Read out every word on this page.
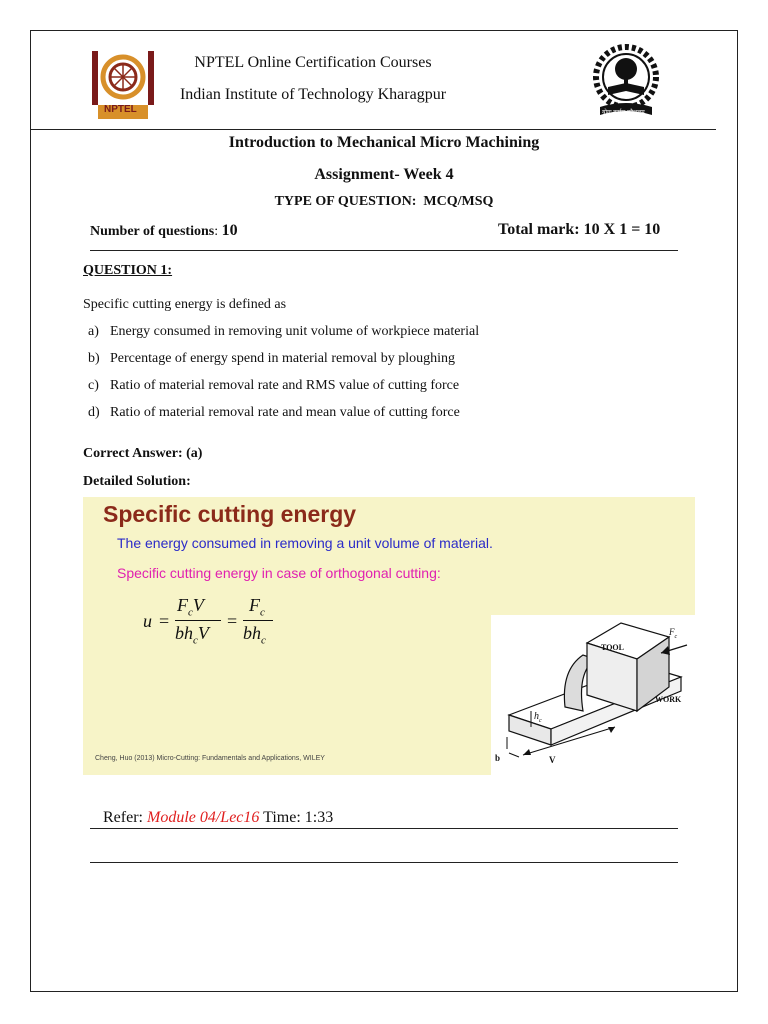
NPTEL
NPTEL Online Certification Courses
Indian Institute of Technology Kharagpur
योगः कर्मसु कौशलम्
Introduction to Mechanical Micro Machining
Assignment- Week 4
TYPE OF QUESTION:  MCQ/MSQ
Number of questions: 10	Total mark: 10 X 1 = 10
QUESTION 1:
Specific cutting energy is defined as
a) Energy consumed in removing unit volume of workpiece material
b) Percentage of energy spend in material removal by ploughing
c) Ratio of material removal rate and RMS value of cutting force
d) Ratio of material removal rate and mean value of cutting force
Correct Answer: (a)
Detailed Solution:
Specific cutting energy
The energy consumed in removing a unit volume of material.
Specific cutting energy in case of orthogonal cutting:
u =
$F_cV$
$bh_cV$
=
$F_c$
$bh_c$
TOOL
WORK
$F_c$
$h_c$
b	V
Cheng, Huo (2013) Micro-Cutting: Fundamentals and Applications, WILEY

Refer: Module 04/Lec16 Time: 1:33
